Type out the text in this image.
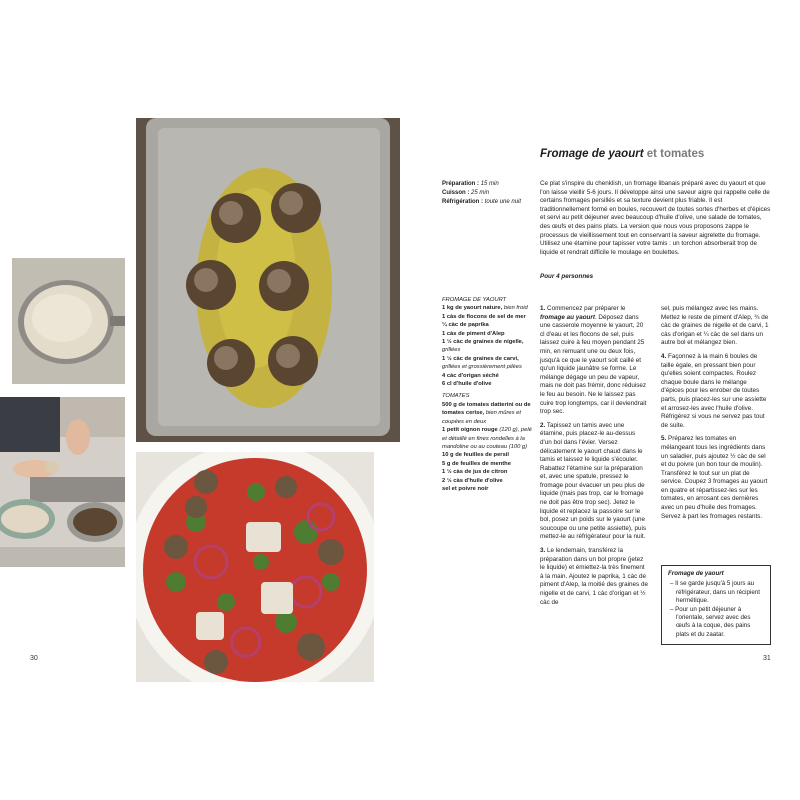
Fromage de yaourt et tomates
Préparation : 15 min
Cuisson : 25 min
Réfrigération : toute une nuit
Ce plat s'inspire du chenklish, un fromage libanais préparé avec du yaourt et que l'on laisse vieillir 5-6 jours. Il développe ainsi une saveur aigre qui rappelle celle de certains fromages persillés et sa texture devient plus friable. Il est traditionnellement formé en boules, recouvert de toutes sortes d'herbes et d'épices et servi au petit déjeuner avec beaucoup d'huile d'olive, une salade de tomates, des œufs et des pains plats. La version que nous vous proposons zappe le processus de vieillissement tout en conservant la saveur aigrelette du fromage. Utilisez une étamine pour tapisser votre tamis : un torchon absorberait trop de liquide et rendrait difficile le moulage en boulettes.
Pour 4 personnes
FROMAGE DE YAOURT
1 kg de yaourt nature, bien froid
1 càs de flocons de sel de mer
¼ càc de paprika
1 càs de piment d'Alep
1 ½ càc de graines de nigelle, grillées
1 ½ càc de graines de carvi, grillées et grossièrement pilées
4 càc d'origan séché
6 cl d'huile d'olive
TOMATES
500 g de tomates datterini ou de tomates cerise, bien mûres et coupées en deux
1 petit oignon rouge (120 g), pelé et détaillé en fines rondelles à la mandoline ou au couteau (100 g)
10 g de feuilles de persil
5 g de feuilles de menthe
1 ½ càs de jus de citron
2 ½ càs d'huile d'olive
sel et poivre noir

1. Commencez par préparer le fromage au yaourt. Déposez dans une casserole moyenne le yaourt, 20 cl d'eau et les flocons de sel, puis laissez cuire à feu moyen pendant 25 min, en remuant une ou deux fois, jusqu'à ce que le yaourt soit caillé et qu'un liquide jaunâtre se forme. Le mélange dégage un peu de vapeur, mais ne doit pas frémir, donc réduisez le feu au besoin. Ne le laissez pas cuire trop longtemps, car il deviendrait trop sec.

2. Tapissez un tamis avec une étamine, puis placez-le au-dessus d'un bol dans l'évier. Versez délicatement le yaourt chaud dans le tamis et laissez le liquide s'écouler. Rabattez l'étamine sur la préparation et, avec une spatule, pressez le fromage pour évacuer un peu plus de liquide (mais pas trop, car le fromage ne doit pas être trop sec). Jetez le liquide et replacez la passoire sur le bol, posez un poids sur le yaourt (une soucoupe ou une petite assiette), puis mettez-le au réfrigérateur pour la nuit.

3. Le lendemain, transférez la préparation dans un bol propre (jetez le liquide) et émiettez-la très finement à la main. Ajoutez le paprika, 1 càc de piment d'Alep, la moitié des graines de nigelle et de carvi, 1 càc d'origan et ½ càc de

sel, puis mélangez avec les mains. Mettez le reste de piment d'Alep, ¾ de càc de graines de nigelle et de carvi, 1 càs d'origan et ¼ càc de sel dans un autre bol et mélangez bien.

4. Façonnez à la main 6 boules de taille égale, en pressant bien pour qu'elles soient compactes. Roulez chaque boule dans le mélange d'épices pour les enrober de toutes parts, puis placez-les sur une assiette et arrosez-les avec l'huile d'olive. Réfrigérez si vous ne servez pas tout de suite.

5. Préparez les tomates en mélangeant tous les ingrédients dans un saladier, puis ajoutez ½ càc de sel et du poivre (un bon tour de moulin). Transférez le tout sur un plat de service. Coupez 3 fromages au yaourt en quatre et répartissez-les sur les tomates, en arrosant ces dernières avec un peu d'huile des fromages. Servez à part les fromages restants.

Fromage de yaourt
– Il se garde jusqu'à 5 jours au réfrigérateur, dans un récipient hermétique.
– Pour un petit déjeuner à l'orientale, servez avec des œufs à la coque, des pains plats et du zaatar.
30	31
